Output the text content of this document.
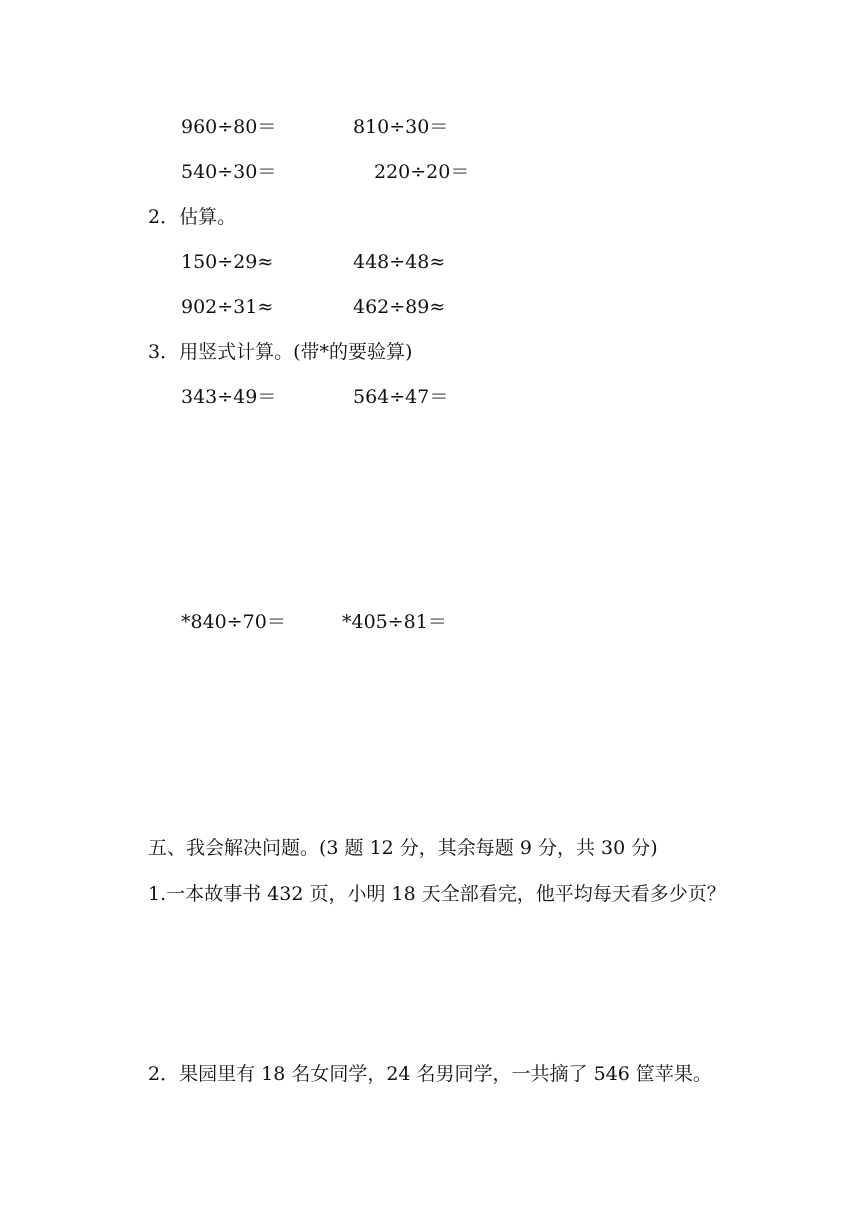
960÷80＝	810÷30＝
540÷30＝	220÷20＝
2．估算。
150÷29≈	448÷48≈
902÷31≈	462÷89≈
3．用竖式计算。(带*的要验算)
343÷49＝	564÷47＝
*840÷70＝	*405÷81＝
五、我会解决问题。(3 题 12 分，其余每题 9 分，共 30 分)
1.一本故事书 432 页，小明 18 天全部看完，他平均每天看多少页？
2．果园里有 18 名女同学，24 名男同学，一共摘了 546 筐苹果。
